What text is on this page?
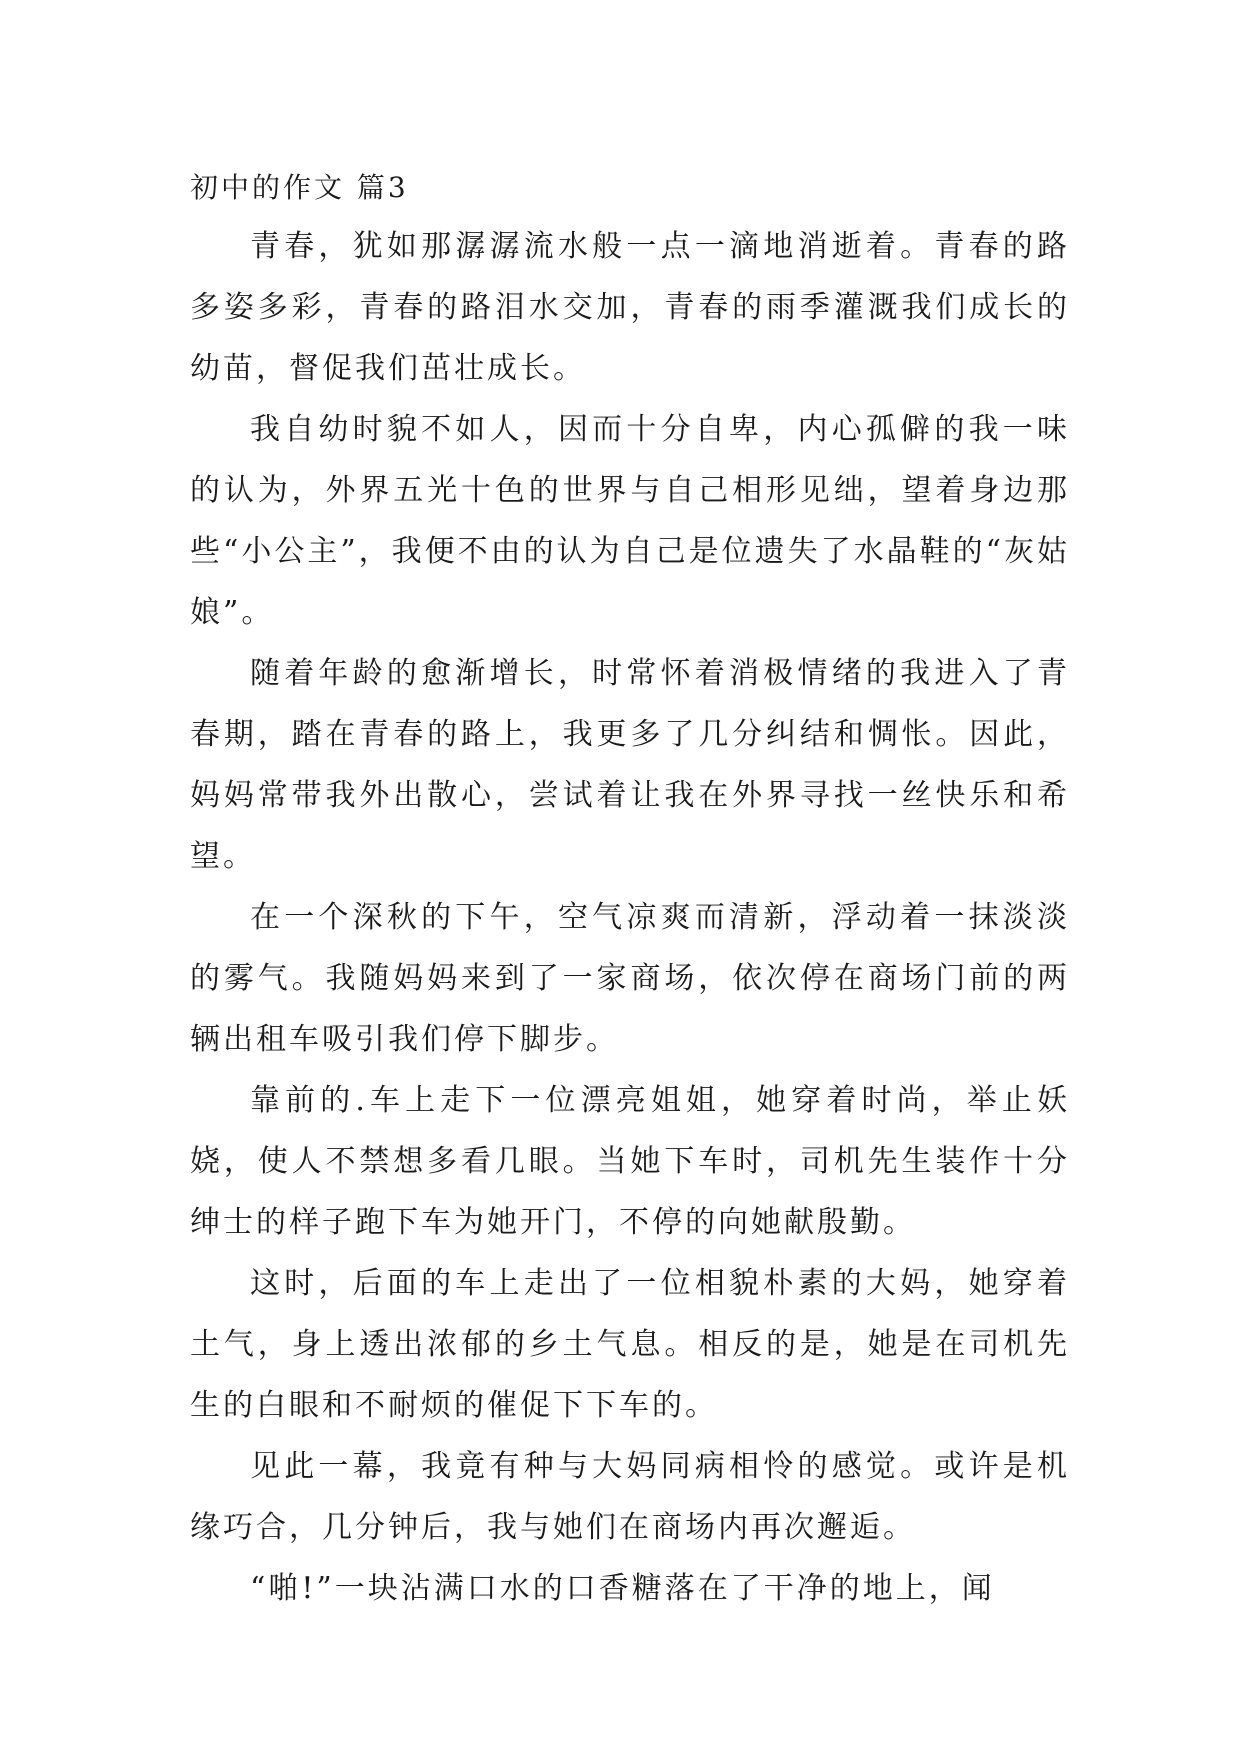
初中的作文 篇3

青春，犹如那潺潺流水般一点一滴地消逝着。青春的路多姿多彩，青春的路泪水交加，青春的雨季灌溉我们成长的幼苗，督促我们茁壮成长。

我自幼时貌不如人，因而十分自卑，内心孤僻的我一味的认为，外界五光十色的世界与自己相形见绌，望着身边那些“小公主”，我便不由的认为自己是位遗失了水晶鞋的“灰姑娘”。

随着年龄的愈渐增长，时常怀着消极情绪的我进入了青春期，踏在青春的路上，我更多了几分纠结和惆怅。因此，妈妈常带我外出散心，尝试着让我在外界寻找一丝快乐和希望。

在一个深秋的下午，空气凉爽而清新，浮动着一抹淡淡的雾气。我随妈妈来到了一家商场，依次停在商场门前的两辆出租车吸引我们停下脚步。

靠前的.车上走下一位漂亮姐姐，她穿着时尚，举止妖娆，使人不禁想多看几眼。当她下车时，司机先生装作十分绅士的样子跑下车为她开门，不停的向她献殷勤。

这时，后面的车上走出了一位相貌朴素的大妈，她穿着土气，身上透出浓郁的乡土气息。相反的是，她是在司机先生的白眼和不耐烦的催促下下车的。

见此一幕，我竟有种与大妈同病相怜的感觉。或许是机缘巧合，几分钟后，我与她们在商场内再次邂逅。

“啪!”一块沾满口水的口香糖落在了干净的地上，闻
